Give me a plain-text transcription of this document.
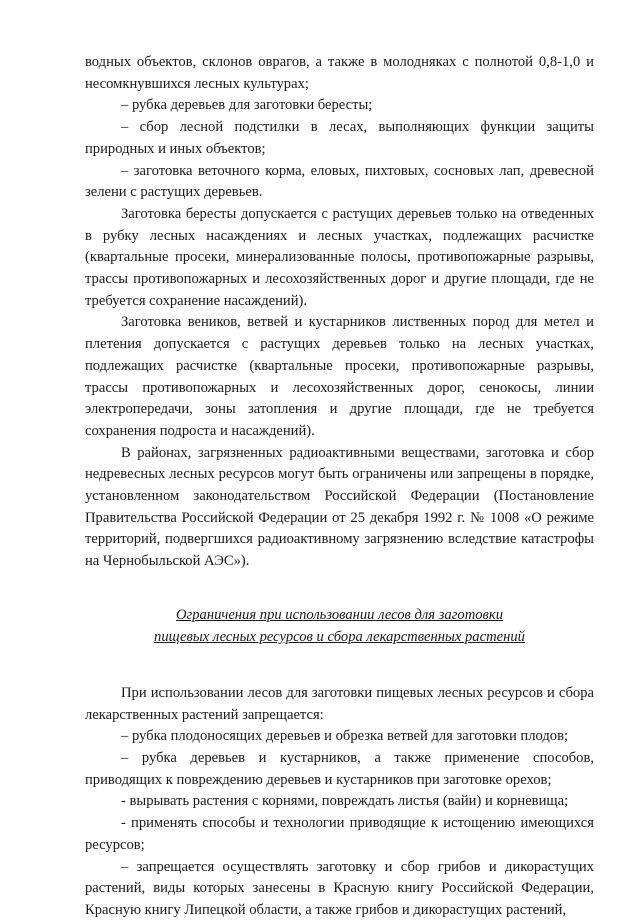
водных объектов, склонов оврагов, а также в молодняках с полнотой 0,8-1,0 и несомкнувшихся лесных культурах;

– рубка деревьев для заготовки бересты;

– сбор лесной подстилки в лесах, выполняющих функции защиты природных и иных объектов;

– заготовка веточного корма, еловых, пихтовых, сосновых лап, древесной зелени с растущих деревьев.

Заготовка бересты допускается с растущих деревьев только на отведенных в рубку лесных насаждениях и лесных участках, подлежащих расчистке (квартальные просеки, минерализованные полосы, противопожарные разрывы, трассы противопожарных и лесохозяйственных дорог и другие площади, где не требуется сохранение насаждений).

Заготовка веников, ветвей и кустарников лиственных пород для метел и плетения допускается с растущих деревьев только на лесных участках, подлежащих расчистке (квартальные просеки, противопожарные разрывы, трассы противопожарных и лесохозяйственных дорог, сенокосы, линии электропередачи, зоны затопления и другие площади, где не требуется сохранения подроста и насаждений).

В районах, загрязненных радиоактивными веществами, заготовка и сбор недревесных лесных ресурсов могут быть ограничены или запрещены в порядке, установленном законодательством Российской Федерации (Постановление Правительства Российской Федерации от 25 декабря 1992 г. № 1008 «О режиме территорий, подвергшихся радиоактивному загрязнению вследствие катастрофы на Чернобыльской АЭС»).

Ограничения при использовании лесов для заготовки
пищевых лесных ресурсов и сбора лекарственных растений

При использовании лесов для заготовки пищевых лесных ресурсов и сбора лекарственных растений запрещается:

– рубка плодоносящих деревьев и обрезка ветвей для заготовки плодов;

– рубка деревьев и кустарников, а также применение способов, приводящих к повреждению деревьев и кустарников при заготовке орехов;

- вырывать растения с корнями, повреждать листья (вайи) и корневища;

- применять способы и технологии приводящие к истощению имеющихся ресурсов;

– запрещается осуществлять заготовку и сбор грибов и дикорастущих растений, виды которых занесены в Красную книгу Российской Федерации, Красную книгу Липецкой области, а также грибов и дикорастущих растений,
